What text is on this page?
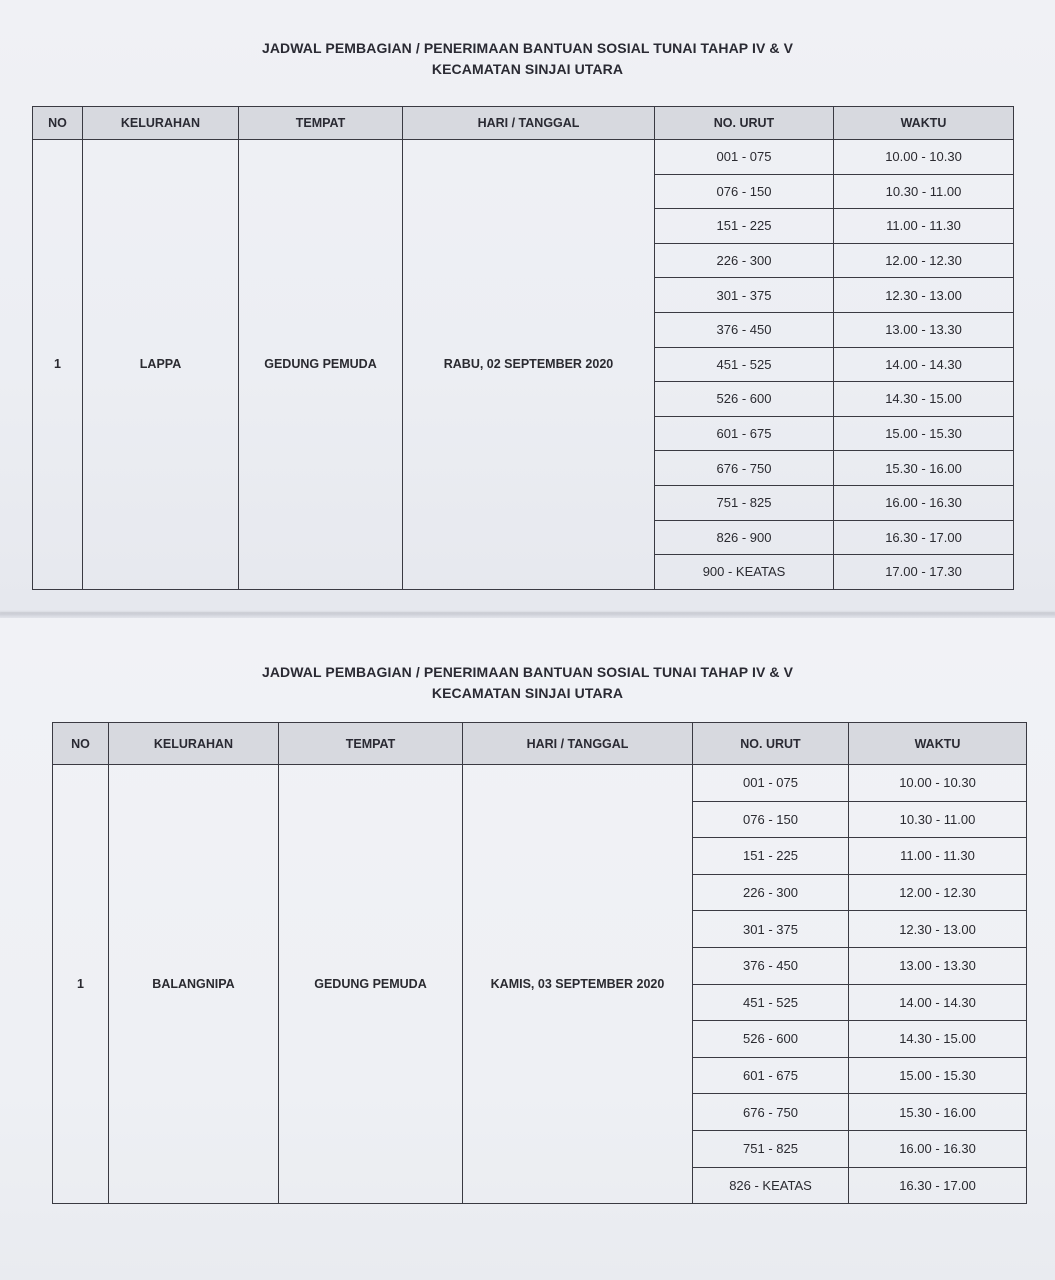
JADWAL PEMBAGIAN / PENERIMAAN BANTUAN SOSIAL TUNAI TAHAP IV & V
KECAMATAN SINJAI UTARA
NO	KELURAHAN	TEMPAT	HARI / TANGGAL	NO. URUT	WAKTU
1	LAPPA	GEDUNG PEMUDA	RABU, 02 SEPTEMBER 2020	001 - 075	10.00 - 10.30
				076 - 150	10.30 - 11.00
				151 - 225	11.00 - 11.30
				226 - 300	12.00 - 12.30
				301 - 375	12.30 - 13.00
				376 - 450	13.00 - 13.30
				451 - 525	14.00 - 14.30
				526 - 600	14.30 - 15.00
				601 - 675	15.00 - 15.30
				676 - 750	15.30 - 16.00
				751 - 825	16.00 - 16.30
				826 - 900	16.30 - 17.00
				900 - KEATAS	17.00 - 17.30
JADWAL PEMBAGIAN / PENERIMAAN BANTUAN SOSIAL TUNAI TAHAP IV & V
KECAMATAN SINJAI UTARA
NO	KELURAHAN	TEMPAT	HARI / TANGGAL	NO. URUT	WAKTU
1	BALANGNIPA	GEDUNG PEMUDA	KAMIS, 03 SEPTEMBER 2020	001 - 075	10.00 - 10.30
				076 - 150	10.30 - 11.00
				151 - 225	11.00 - 11.30
				226 - 300	12.00 - 12.30
				301 - 375	12.30 - 13.00
				376 - 450	13.00 - 13.30
				451 - 525	14.00 - 14.30
				526 - 600	14.30 - 15.00
				601 - 675	15.00 - 15.30
				676 - 750	15.30 - 16.00
				751 - 825	16.00 - 16.30
				826 - KEATAS	16.30 - 17.00
